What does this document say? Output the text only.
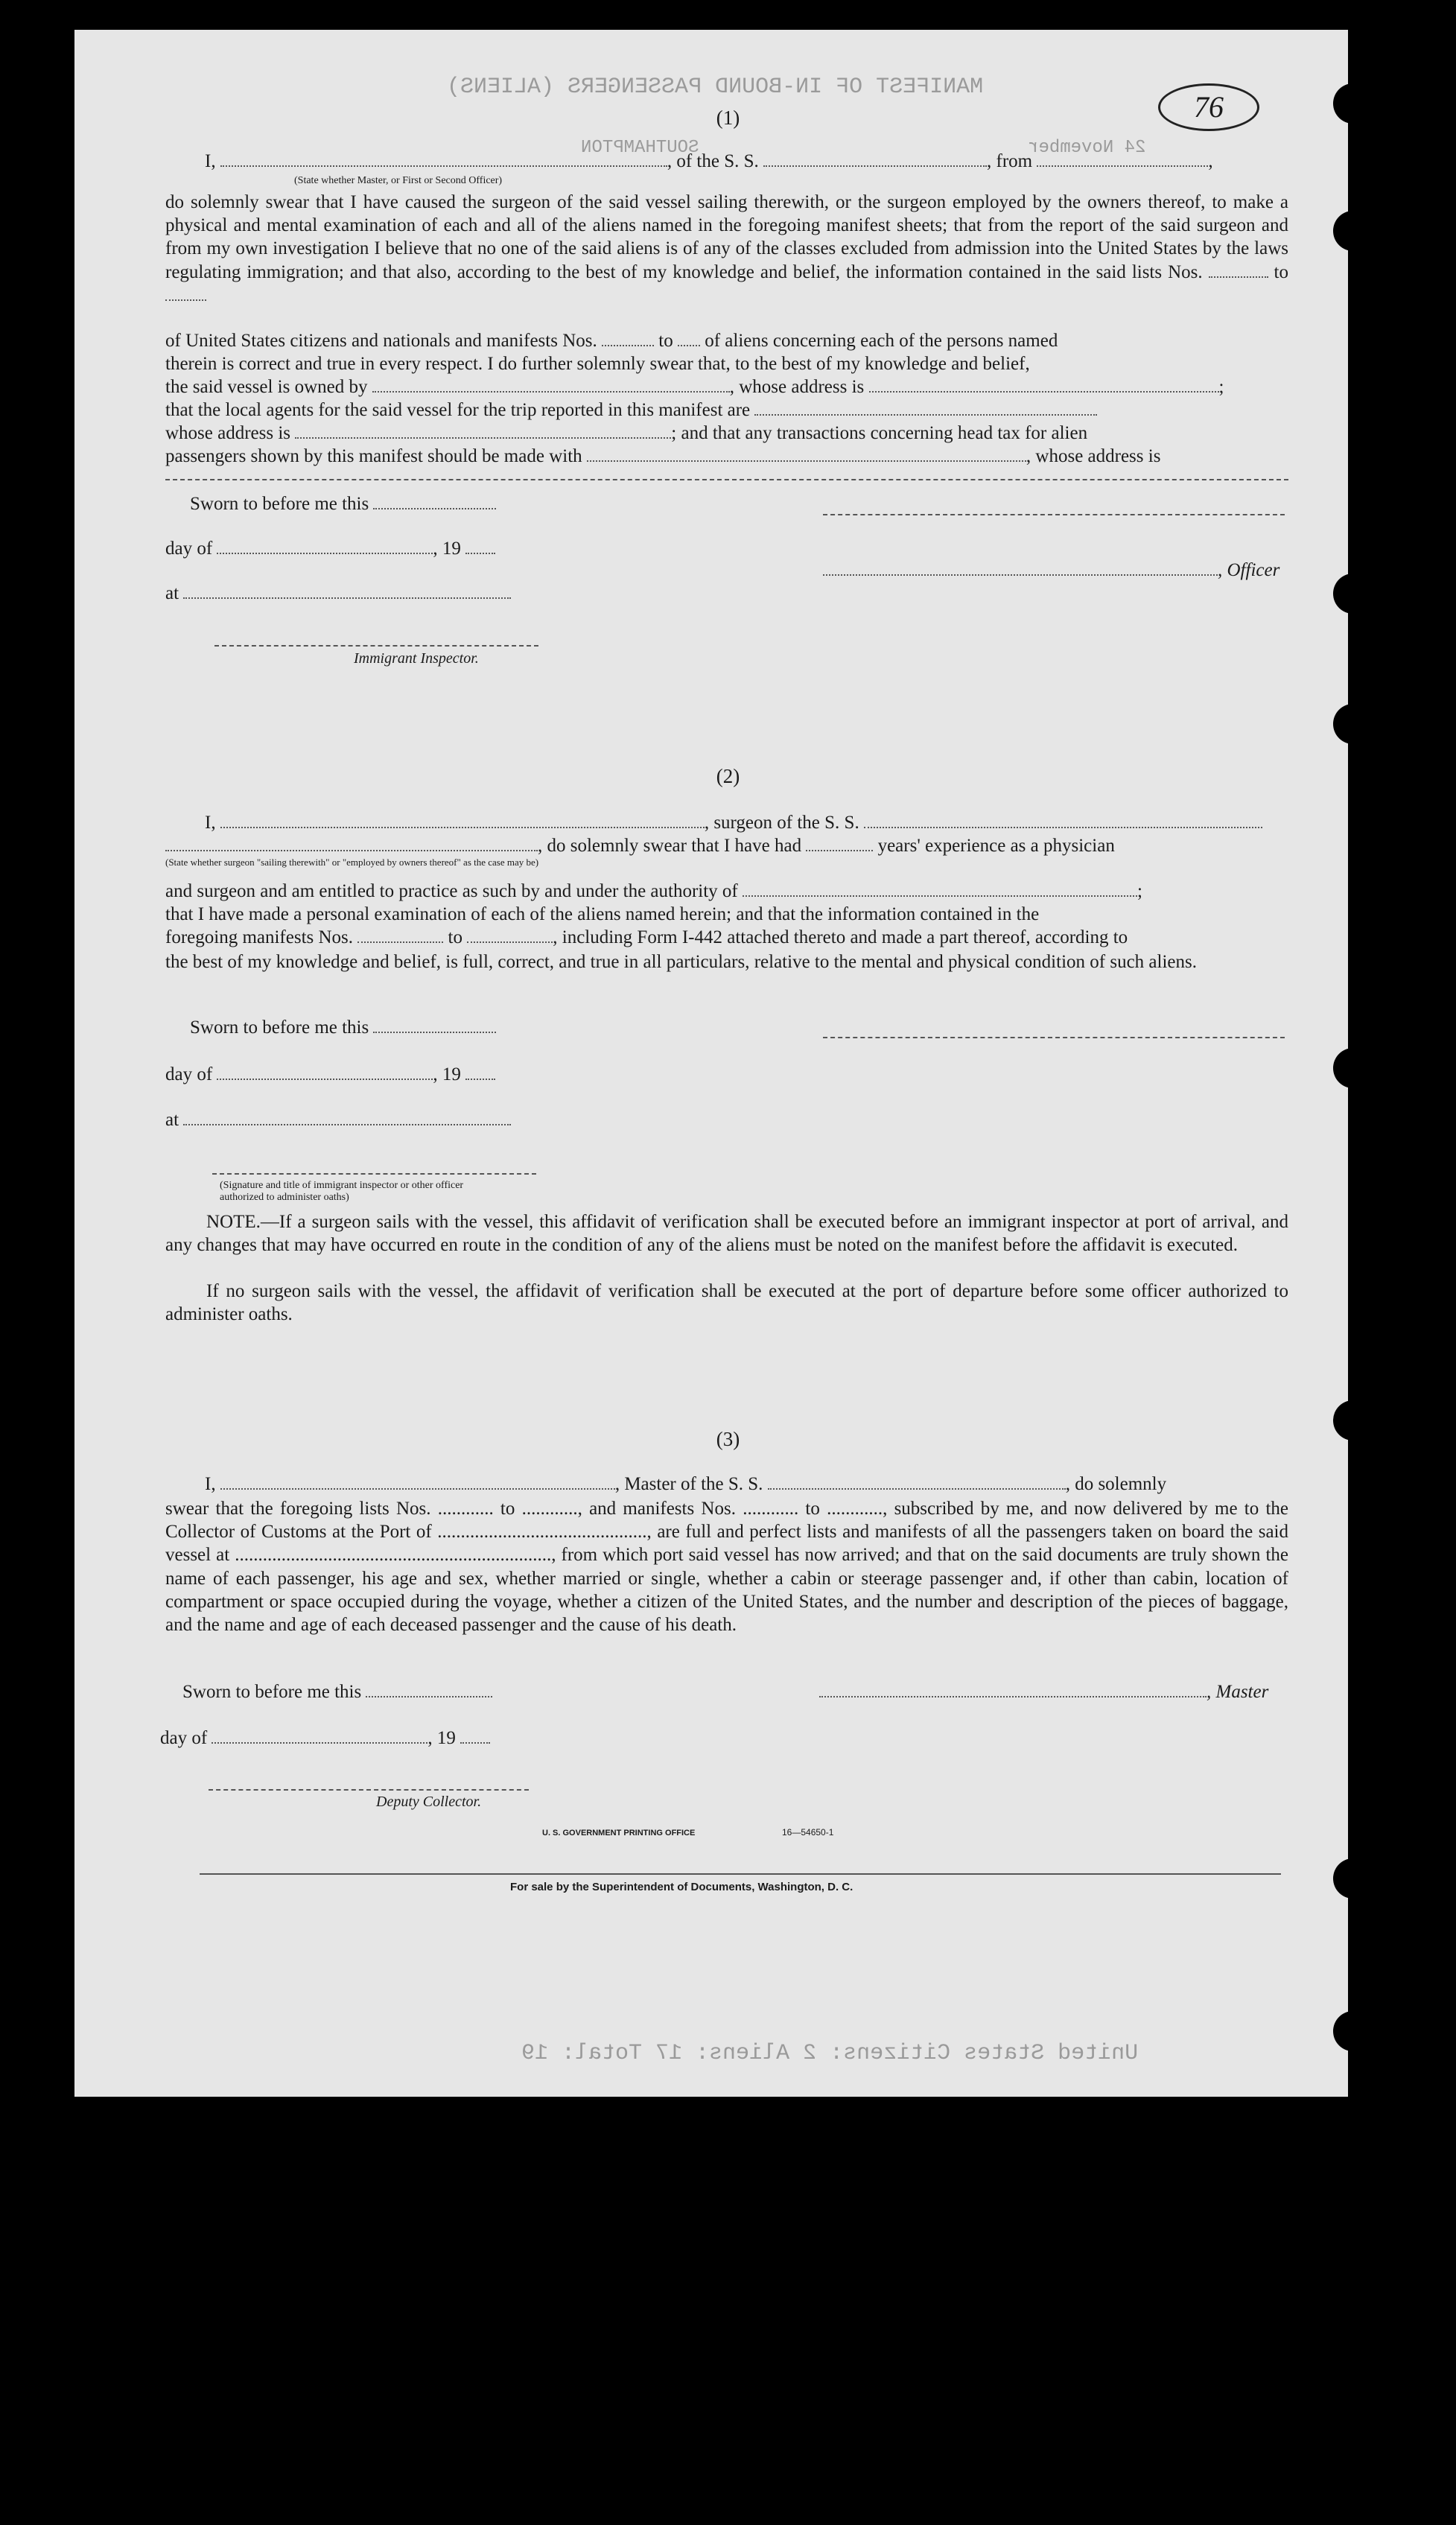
MANIFEST OF IN-BOUND PASSENGERS (ALIENS)
SOUTHAMPTON	24 November
United States Citizens: 2 Aliens: 17 Total: 19
76
(1)
I,	, of the S. S.	, from	,
(State whether Master, or First or Second Officer)

do solemnly swear that I have caused the surgeon of the said vessel sailing therewith, or the surgeon employed by the owners thereof, to make a physical and mental examination of each and all of the aliens named in the foregoing manifest sheets; that from the report of the said surgeon and from my own investigation I believe that no one of the said aliens is of any of the classes excluded from admission into the United States by the laws regulating immigration; and that also, according to the best of my knowledge and belief, the information contained in the said lists Nos.	to

of United States citizens and nationals and manifests Nos.	to of aliens concerning each of the persons named
therein is correct and true in every respect. I do further solemnly swear that, to the best of my knowledge and belief,
the said vessel is owned by	, whose address is	;
that the local agents for the said vessel for the trip reported in this manifest are
whose address is	; and that any transactions concerning head tax for alien
passengers shown by this manifest should be made with	, whose address is
Sworn to before me this
day of	, 19
, Officer
at
Immigrant Inspector.
(2)
I,	, surgeon of the S. S.
, do solemnly swear that I have had	years' experience as a physician
(State whether surgeon "sailing therewith" or "employed by owners thereof" as the case may be)
and surgeon and am entitled to practice as such by and under the authority of	;
that I have made a personal examination of each of the aliens named herein; and that the information contained in the
foregoing manifests Nos.	to	, including Form I-442 attached thereto and made a part thereof, according to

the best of my knowledge and belief, is full, correct, and true in all particulars, relative to the mental and physical condition of such aliens.

Sworn to before me this
day of	, 19
at
(Signature and title of immigrant inspector or other officer authorized to administer oaths)

NOTE.—If a surgeon sails with the vessel, this affidavit of verification shall be executed before an immigrant inspector at port of arrival, and any changes that may have occurred en route in the condition of any of the aliens must be noted on the manifest before the affidavit is executed.

If no surgeon sails with the vessel, the affidavit of verification shall be executed at the port of departure before some officer authorized to administer oaths.

(3)
I,	, Master of the S. S.	, do solemnly

swear that the foregoing lists Nos. ............ to ............, and manifests Nos. ............ to ............, subscribed by me, and now delivered by me to the Collector of Customs at the Port of ............................................., are full and perfect lists and manifests of all the passengers taken on board the said vessel at ...................................................................., from which port said vessel has now arrived; and that on the said documents are truly shown the name of each passenger, his age and sex, whether married or single, whether a cabin or steerage passenger and, if other than cabin, location of compartment or space occupied during the voyage, whether a citizen of the United States, and the number and description of the pieces of baggage, and the name and age of each deceased passenger and the cause of his death.

Sworn to before me this	, Master
day of	, 19
Deputy Collector.
U. S. GOVERNMENT PRINTING OFFICE	16—54650-1
For sale by the Superintendent of Documents, Washington, D. C.
